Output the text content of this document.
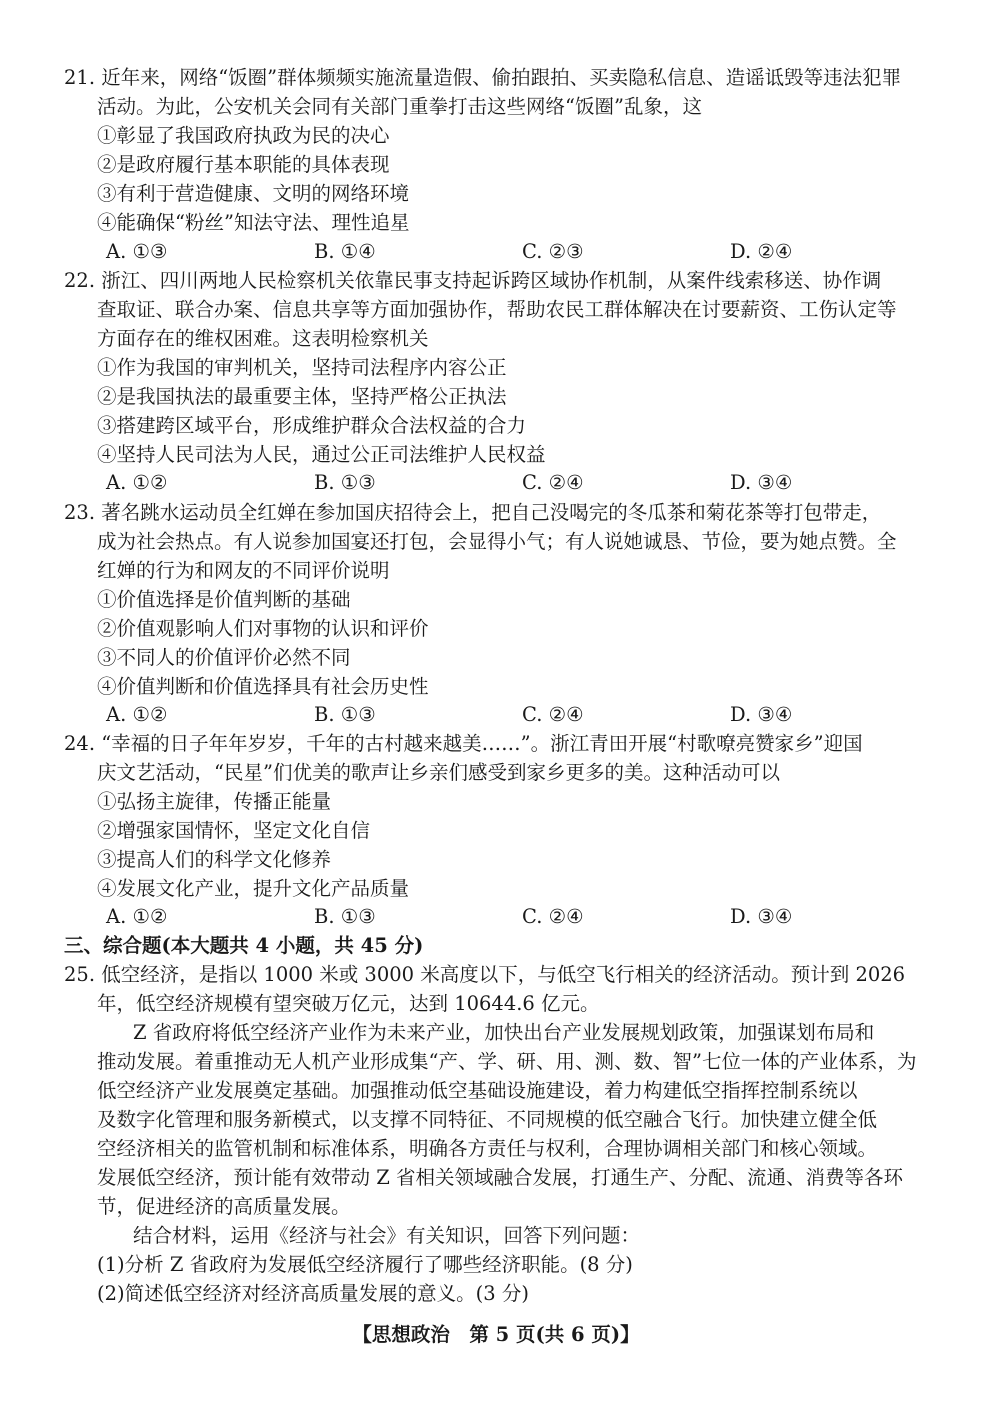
21. 近年来，网络“饭圈”群体频频实施流量造假、偷拍跟拍、买卖隐私信息、造谣诋毁等违法犯罪
活动。为此，公安机关会同有关部门重拳打击这些网络“饭圈”乱象，这
①彰显了我国政府执政为民的决心
②是政府履行基本职能的具体表现
③有利于营造健康、文明的网络环境
④能确保“粉丝”知法守法、理性追星
A. ①③	B. ①④	C. ②③	D. ②④
22. 浙江、四川两地人民检察机关依靠民事支持起诉跨区域协作机制，从案件线索移送、协作调
查取证、联合办案、信息共享等方面加强协作，帮助农民工群体解决在讨要薪资、工伤认定等
方面存在的维权困难。这表明检察机关
①作为我国的审判机关，坚持司法程序内容公正
②是我国执法的最重要主体，坚持严格公正执法
③搭建跨区域平台，形成维护群众合法权益的合力
④坚持人民司法为人民，通过公正司法维护人民权益
A. ①②	B. ①③	C. ②④	D. ③④
23. 著名跳水运动员全红婵在参加国庆招待会上，把自己没喝完的冬瓜茶和菊花茶等打包带走，
成为社会热点。有人说参加国宴还打包，会显得小气；有人说她诚恳、节俭，要为她点赞。全
红婵的行为和网友的不同评价说明
①价值选择是价值判断的基础
②价值观影响人们对事物的认识和评价
③不同人的价值评价必然不同
④价值判断和价值选择具有社会历史性
A. ①②	B. ①③	C. ②④	D. ③④
24. “幸福的日子年年岁岁，千年的古村越来越美……”。浙江青田开展“村歌嘹亮赞家乡”迎国
庆文艺活动，“民星”们优美的歌声让乡亲们感受到家乡更多的美。这种活动可以
①弘扬主旋律，传播正能量
②增强家国情怀，坚定文化自信
③提高人们的科学文化修养
④发展文化产业，提升文化产品质量
A. ①②	B. ①③	C. ②④	D. ③④
三、综合题(本大题共 4 小题，共 45 分)
25. 低空经济，是指以 1000 米或 3000 米高度以下，与低空飞行相关的经济活动。预计到 2026
年，低空经济规模有望突破万亿元，达到 10644.6 亿元。
Z 省政府将低空经济产业作为未来产业，加快出台产业发展规划政策，加强谋划布局和
推动发展。着重推动无人机产业形成集“产、学、研、用、测、数、智”七位一体的产业体系，为
低空经济产业发展奠定基础。加强推动低空基础设施建设，着力构建低空指挥控制系统以
及数字化管理和服务新模式，以支撑不同特征、不同规模的低空融合飞行。加快建立健全低
空经济相关的监管机制和标准体系，明确各方责任与权利，合理协调相关部门和核心领域。
发展低空经济，预计能有效带动 Z 省相关领域融合发展，打通生产、分配、流通、消费等各环
节，促进经济的高质量发展。
结合材料，运用《经济与社会》有关知识，回答下列问题：
(1)分析 Z 省政府为发展低空经济履行了哪些经济职能。(8 分)
(2)简述低空经济对经济高质量发展的意义。(3 分)
【思想政治　第 5 页(共 6 页)】
